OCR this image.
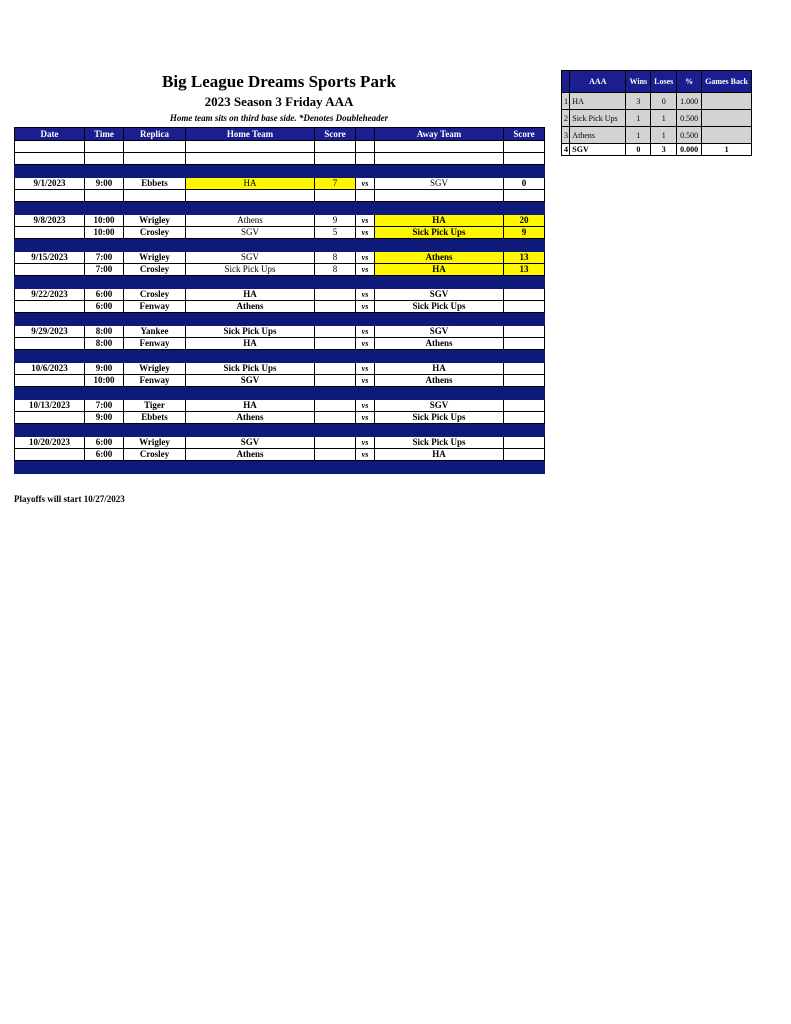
Big League Dreams Sports Park
2023 Season 3 Friday AAA
Home team sits on third base side. *Denotes Doubleheader
Date	Time	Replica	Home Team	Score		Away Team	Score

9/1/2023	9:00	Ebbets	HA	7	vs	SGV	0

9/8/2023	10:00	Wrigley	Athens	9	vs	HA	20
	10:00	Crosley	SGV	5	vs	Sick Pick Ups	9

9/15/2023	7:00	Wrigley	SGV	8	vs	Athens	13
	7:00	Crosley	Sick Pick Ups	8	vs	HA	13

9/22/2023	6:00	Crosley	HA		vs	SGV	
	6:00	Fenway	Athens		vs	Sick Pick Ups	

9/29/2023	8:00	Yankee	Sick Pick Ups		vs	SGV	
	8:00	Fenway	HA		vs	Athens	

10/6/2023	9:00	Wrigley	Sick Pick Ups		vs	HA	
	10:00	Fenway	SGV		vs	Athens	

10/13/2023	7:00	Tiger	HA		vs	SGV	
	9:00	Ebbets	Athens		vs	Sick Pick Ups	

10/20/2023	6:00	Wrigley	SGV		vs	Sick Pick Ups	
	6:00	Crosley	Athens		vs	HA	

	AAA	Wins	Loses	%	Games Back
1	HA	3	0	1.000	
2	Sick Pick Ups	1	1	0.500	
3	Athens	1	1	0.500	
4	SGV	0	3	0.000	1
Playoffs will start 10/27/2023
